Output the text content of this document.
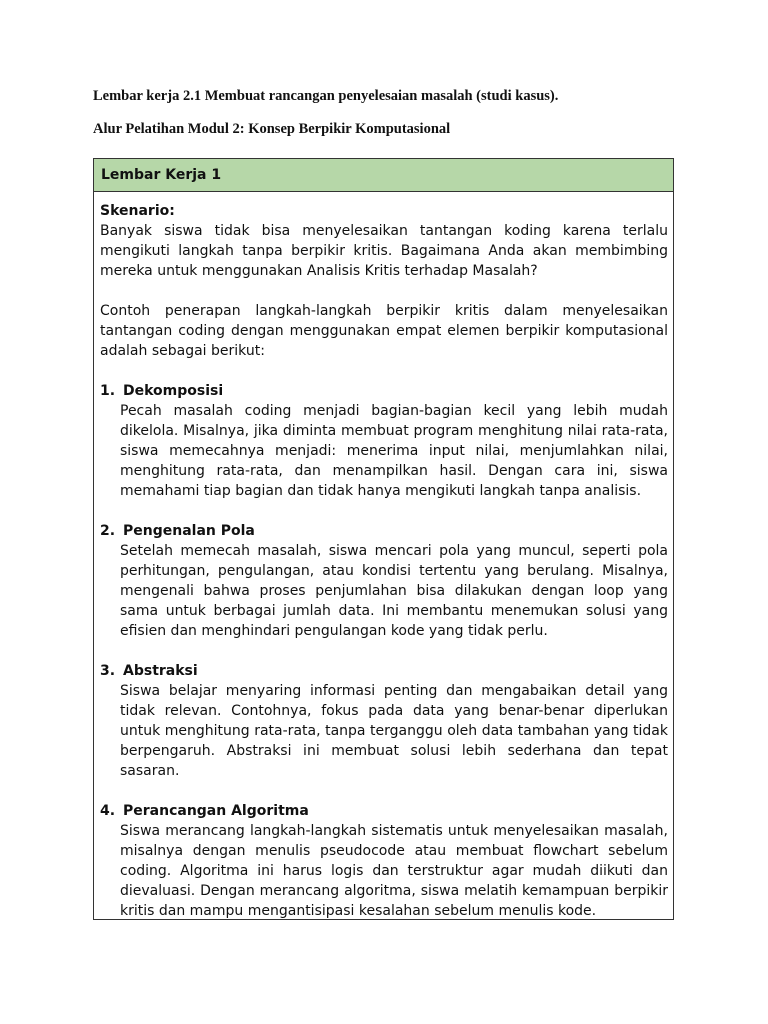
Lembar kerja 2.1 Membuat rancangan penyelesaian masalah (studi kasus).
Alur Pelatihan Modul 2: Konsep Berpikir Komputasional
Lembar Kerja 1
Skenario:
Banyak siswa tidak bisa menyelesaikan tantangan koding karena terlalu mengikuti langkah tanpa berpikir kritis. Bagaimana Anda akan membimbing mereka untuk menggunakan Analisis Kritis terhadap Masalah?
Contoh penerapan langkah-langkah berpikir kritis dalam menyelesaikan tantangan coding dengan menggunakan empat elemen berpikir komputasional adalah sebagai berikut:
1. Dekomposisi
Pecah masalah coding menjadi bagian-bagian kecil yang lebih mudah dikelola. Misalnya, jika diminta membuat program menghitung nilai rata-rata, siswa memecahnya menjadi: menerima input nilai, menjumlahkan nilai, menghitung rata-rata, dan menampilkan hasil. Dengan cara ini, siswa memahami tiap bagian dan tidak hanya mengikuti langkah tanpa analisis.
2. Pengenalan Pola
Setelah memecah masalah, siswa mencari pola yang muncul, seperti pola perhitungan, pengulangan, atau kondisi tertentu yang berulang. Misalnya, mengenali bahwa proses penjumlahan bisa dilakukan dengan loop yang sama untuk berbagai jumlah data. Ini membantu menemukan solusi yang efisien dan menghindari pengulangan kode yang tidak perlu.
3. Abstraksi
Siswa belajar menyaring informasi penting dan mengabaikan detail yang tidak relevan. Contohnya, fokus pada data yang benar-benar diperlukan untuk menghitung rata-rata, tanpa terganggu oleh data tambahan yang tidak berpengaruh. Abstraksi ini membuat solusi lebih sederhana dan tepat sasaran.
4. Perancangan Algoritma
Siswa merancang langkah-langkah sistematis untuk menyelesaikan masalah, misalnya dengan menulis pseudocode atau membuat flowchart sebelum coding. Algoritma ini harus logis dan terstruktur agar mudah diikuti dan dievaluasi. Dengan merancang algoritma, siswa melatih kemampuan berpikir kritis dan mampu mengantisipasi kesalahan sebelum menulis kode.
